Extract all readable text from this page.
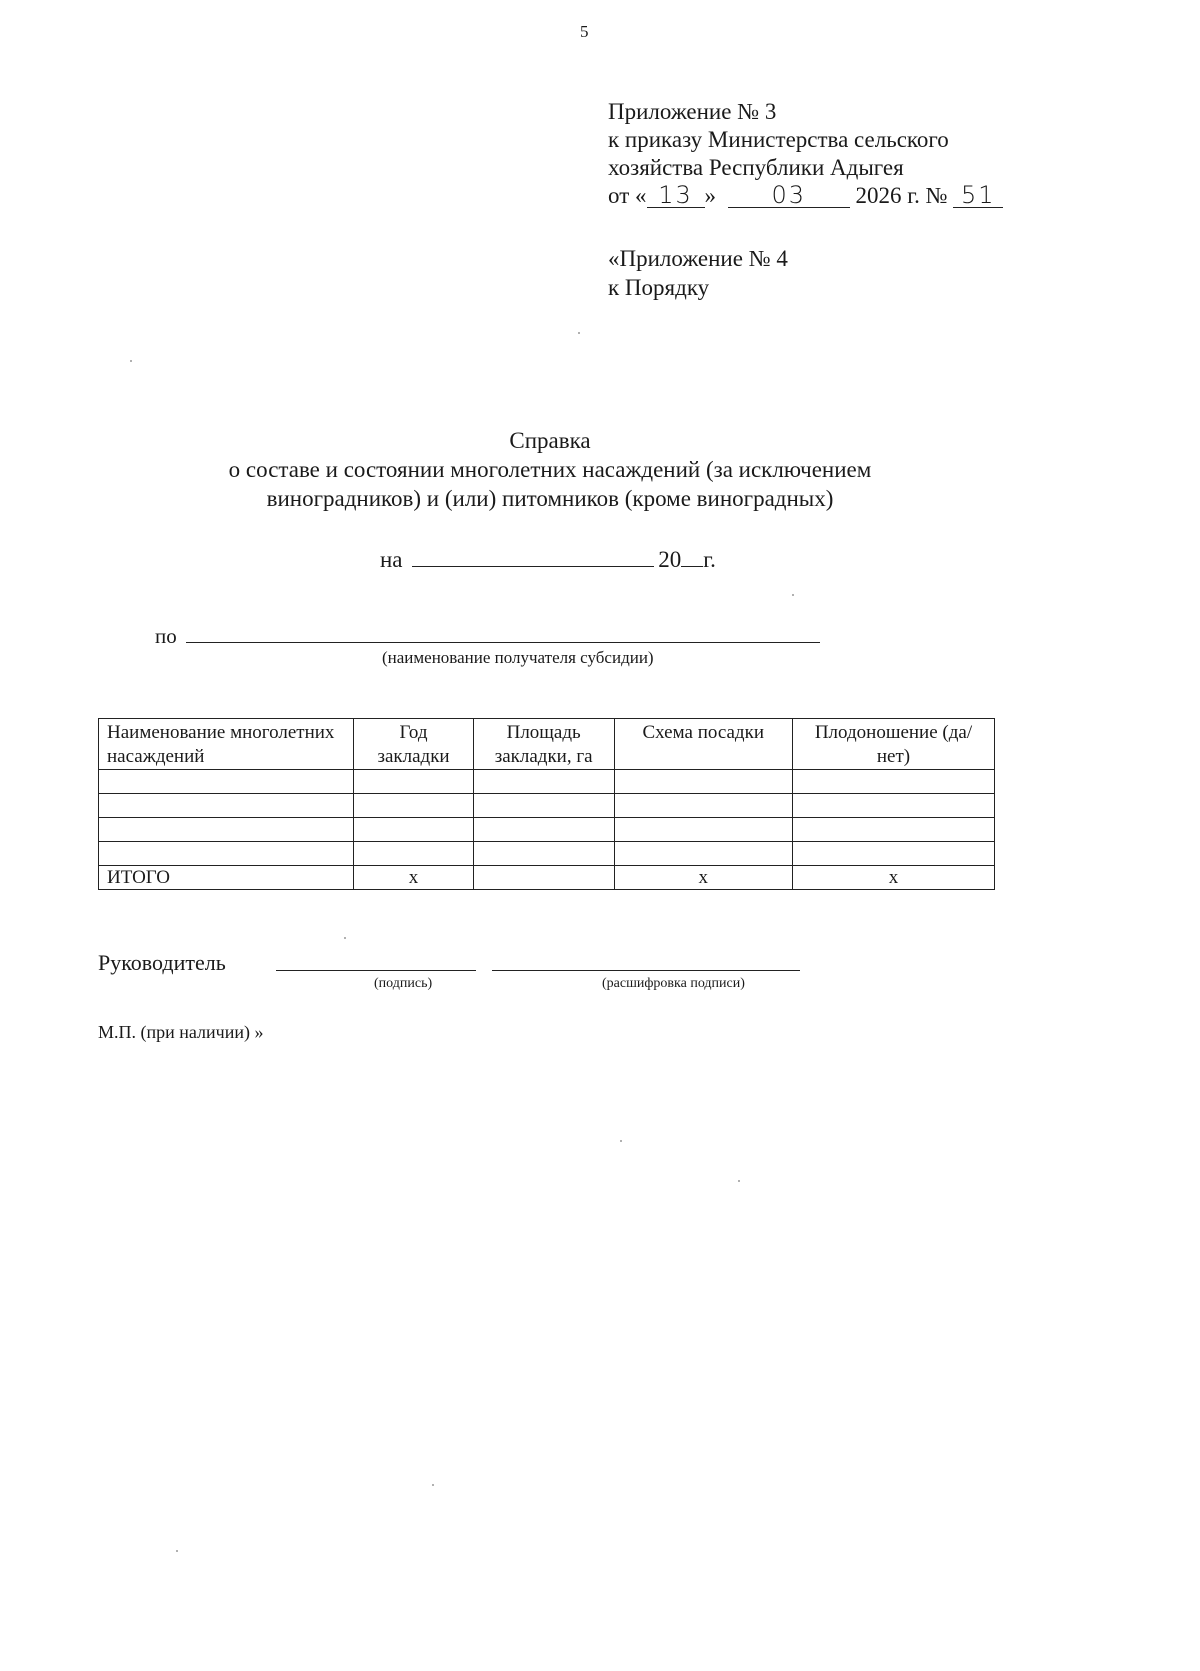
5
Приложение № 3
к приказу Министерства сельского
хозяйства Республики Адыгея
от « 13 » 03 2026 г. № 51
«Приложение № 4
к Порядку
Справка
о составе и состоянии многолетних насаждений (за исключением
виноградников) и (или) питомников (кроме виноградных)
на	20 г.
по
(наименование получателя субсидии)
Наименование многолетних насаждений	Год закладки	Площадь закладки, га	Схема посадки	Плодоношение (да/нет)

ИТОГО	х		х	х
Руководитель
(подпись)	(расшифровка подписи)
М.П. (при наличии) »
